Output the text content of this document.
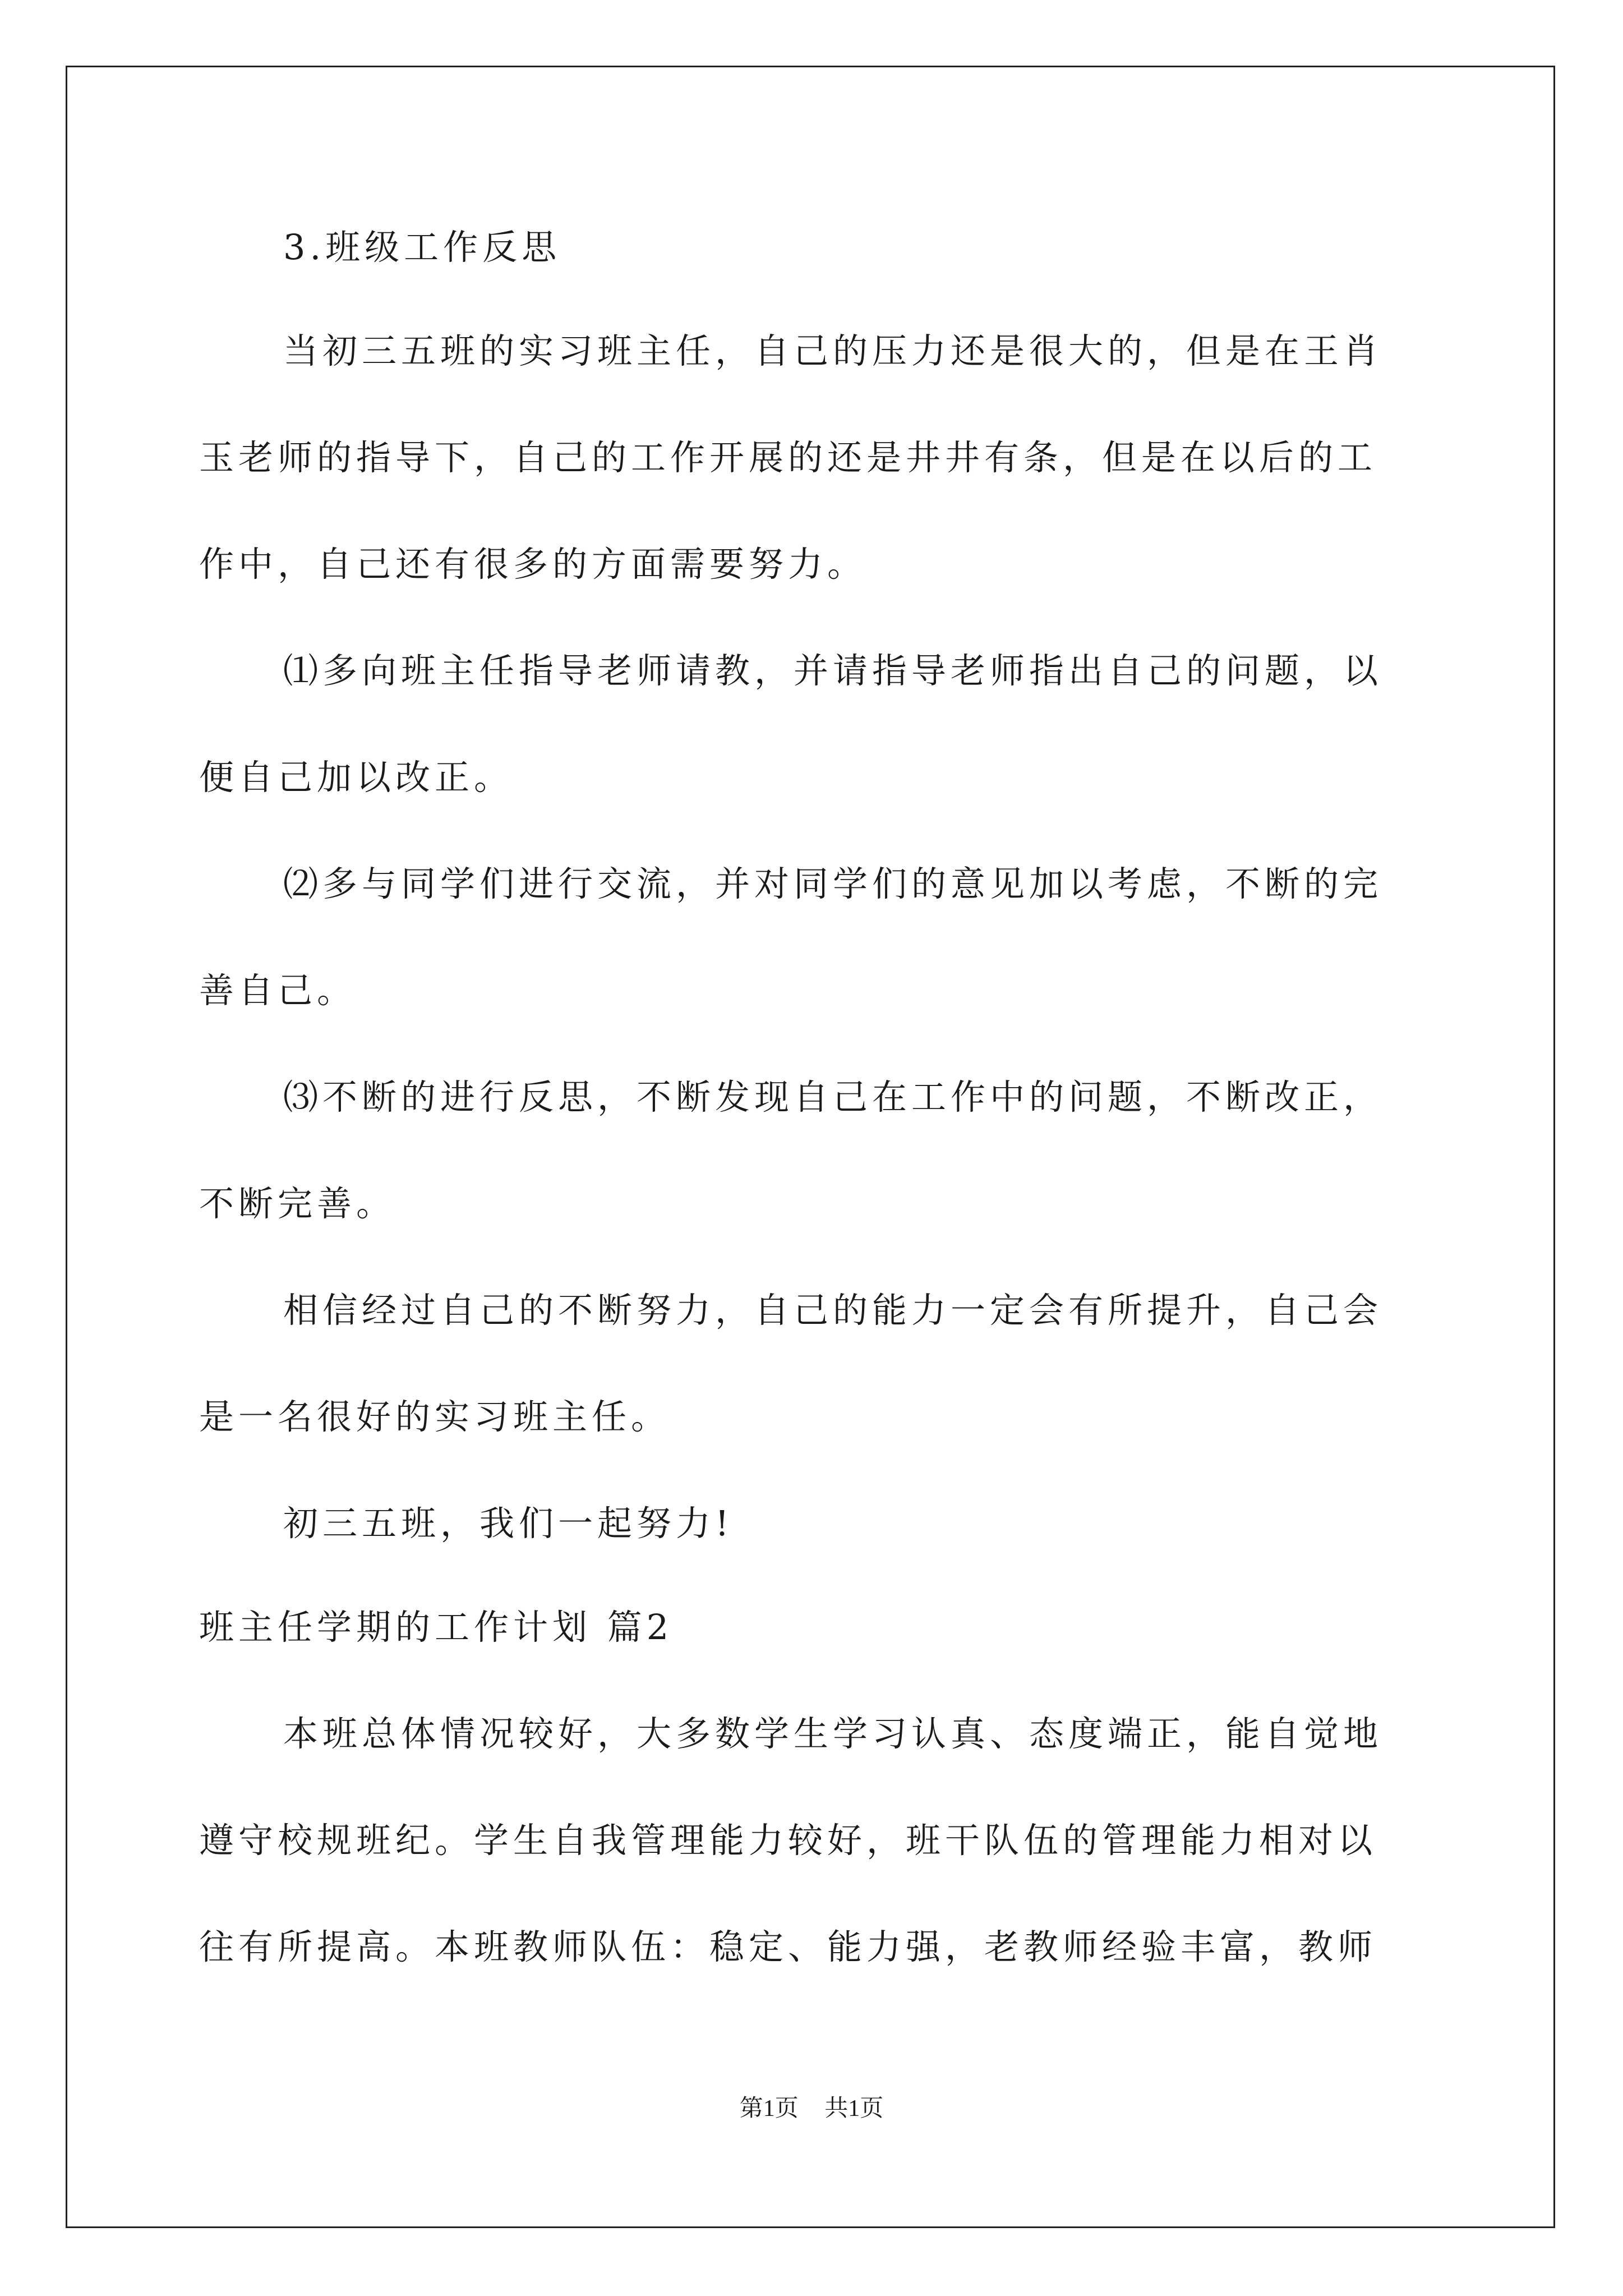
3.班级工作反思
当初三五班的实习班主任，自己的压力还是很大的，但是在王肖
玉老师的指导下，自己的工作开展的还是井井有条，但是在以后的工
作中，自己还有很多的方面需要努力。
⑴多向班主任指导老师请教，并请指导老师指出自己的问题，以
便自己加以改正。
⑵多与同学们进行交流，并对同学们的意见加以考虑，不断的完
善自己。
⑶不断的进行反思，不断发现自己在工作中的问题，不断改正，
不断完善。
相信经过自己的不断努力，自己的能力一定会有所提升，自己会
是一名很好的实习班主任。
初三五班，我们一起努力!
班主任学期的工作计划 篇2
本班总体情况较好，大多数学生学习认真、态度端正，能自觉地
遵守校规班纪。学生自我管理能力较好，班干队伍的管理能力相对以
往有所提高。本班教师队伍：稳定、能力强，老教师经验丰富，教师
第1页 共1页
